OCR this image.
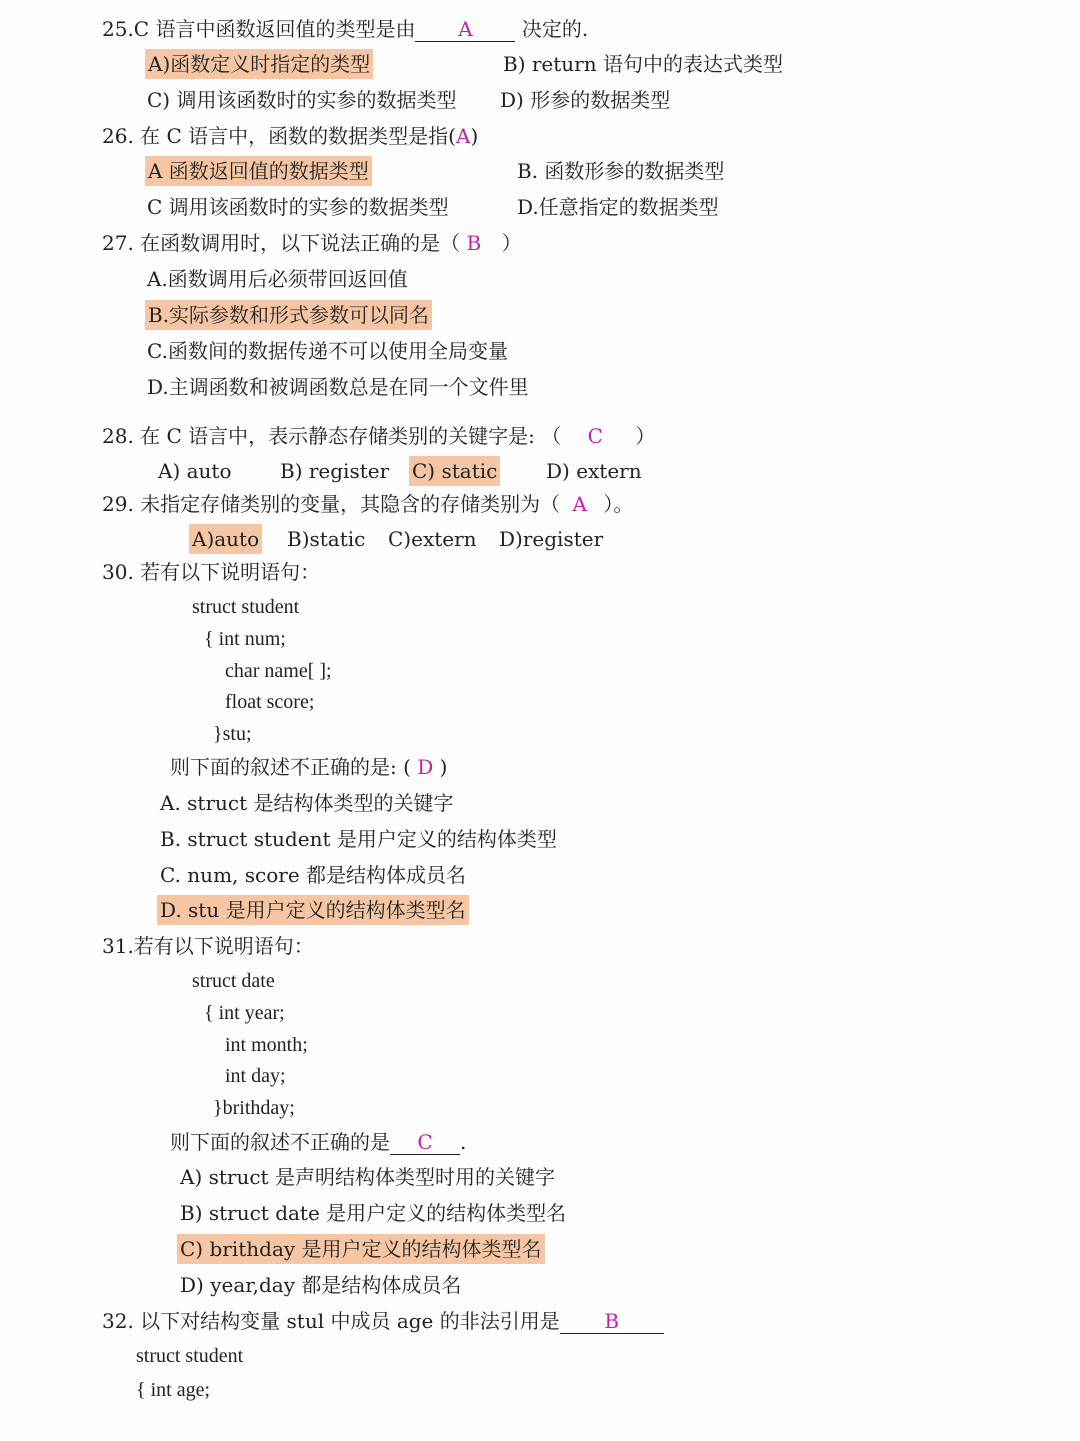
25.C 语言中函数返回值的类型是由 A 决定的.
A)函数定义时指定的类型	B) return 语句中的表达式类型
C) 调用该函数时的实参的数据类型 D) 形参的数据类型
26. 在 C 语言中，函数的数据类型是指(A)
A 函数返回值的数据类型	B. 函数形参的数据类型
C 调用该函数时的实参的数据类型	D.任意指定的数据类型
27. 在函数调用时，以下说法正确的是（ B ）
A.函数调用后必须带回返回值
B.实际参数和形式参数可以同名
C.函数间的数据传递不可以使用全局变量
D.主调函数和被调函数总是在同一个文件里
28. 在 C 语言中，表示静态存储类别的关键字是: （ C ）
A) auto B) register C) static D) extern
29. 未指定存储类别的变量，其隐含的存储类别为（ A ）。
A)auto B)static C)extern D)register
30. 若有以下说明语句：
struct student
{ int num;
char name[ ];
float score;
}stu;
则下面的叙述不正确的是: ( D )
A. struct 是结构体类型的关键字
B. struct student 是用户定义的结构体类型
C. num, score 都是结构体成员名
D. stu 是用户定义的结构体类型名
31.若有以下说明语句：
struct date
{ int year;
int month;
int day;
}brithday;
则下面的叙述不正确的是 C .
A) struct 是声明结构体类型时用的关键字
B) struct date 是用户定义的结构体类型名
C) brithday 是用户定义的结构体类型名
D) year,day 都是结构体成员名
32. 以下对结构变量 stul 中成员 age 的非法引用是 B
struct student
{ int age;
